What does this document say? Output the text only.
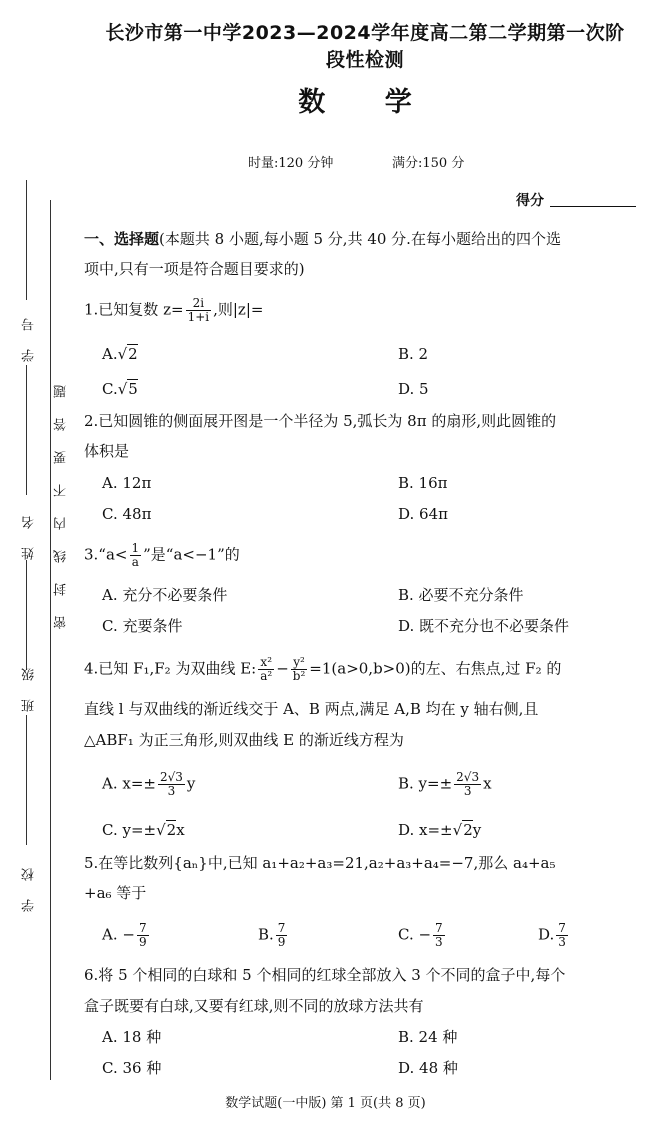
长沙市第一中学2023—2024学年度高二第二学期第一次阶段性检测
数 学
时量:120 分钟	满分:150 分
得分
学号
姓名
班级
学校
密封线内不要答题
一、选择题(本题共 8 小题,每小题 5 分,共 40 分.在每小题给出的四个选
项中,只有一项是符合题目要求的)
1.已知复数 $z= \frac{2i}{1+i}$ ,则|z|=
A.√2	B. 2
C.√5	D. 5
2.已知圆锥的侧面展开图是一个半径为 5,弧长为 8π 的扇形,则此圆锥的
体积是
A. 12π	B. 16π
C. 48π	D. 64π
3.“a< $\frac{1}{a}$ ”是“a<−1”的
A. 充分不必要条件	B. 必要不充分条件
C. 充要条件	D. 既不充分也不必要条件
4.已知 F₁,F₂ 为双曲线 E: $\frac{\text{x²}}{\text{a²}} - \frac{\text{y²}}{\text{b²}} =1(a>0,b>0)$的左、右焦点,过 F₂ 的
直线 l 与双曲线的渐近线交于 A、B 两点,满足 A,B 均在 y 轴右侧,且
△ABF₁ 为正三角形,则双曲线 E 的渐近线方程为
A. $x=\pm \frac{2√3}{3}$ y	B. $y=\pm \frac{2√3}{3}$ x
C. y=±√2x	D. x=±√2y
5.在等比数列{aₙ}中,已知 a₁+a₂+a₃=21,a₂+a₃+a₄=−7,那么 a₄+a₅
+a₆ 等于
A. − $\frac{7}{9}$	B. $\frac{7}{9}$	C. − $\frac{7}{3}$	D. $\frac{7}{3}$
6.将 5 个相同的白球和 5 个相同的红球全部放入 3 个不同的盒子中,每个
盒子既要有白球,又要有红球,则不同的放球方法共有
A. 18 种	B. 24 种
C. 36 种	D. 48 种
数学试题(一中版) 第 1 页(共 8 页)
